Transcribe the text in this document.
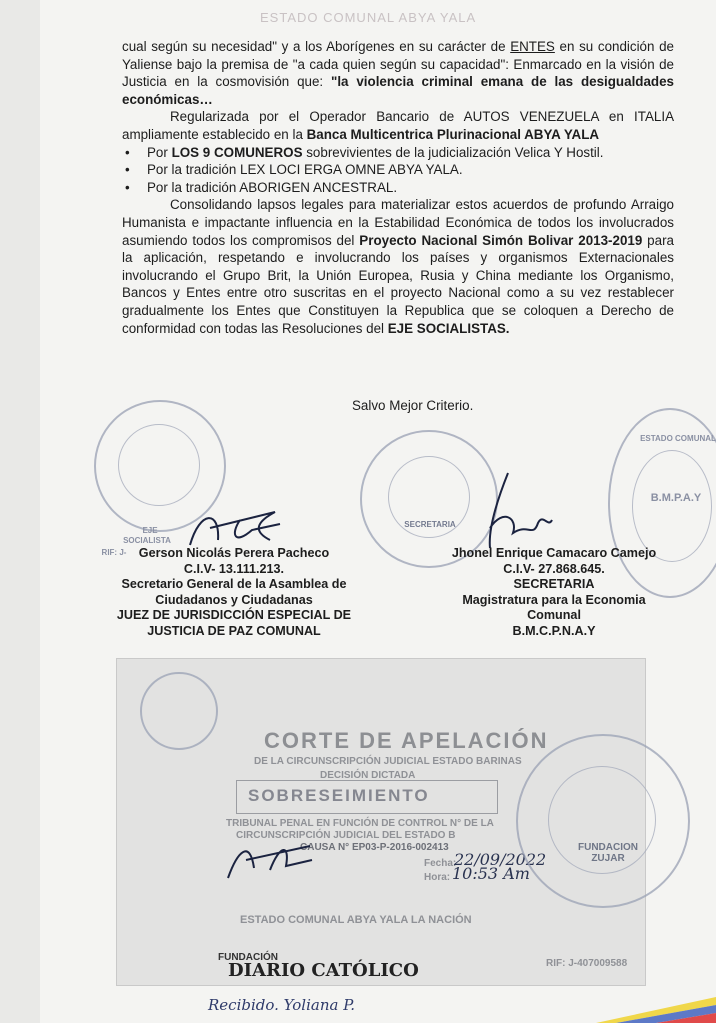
ESTADO COMUNAL ABYA YALA

cual según su necesidad" y a los Aborígenes en su carácter de ENTES en su condición de Yaliense bajo la premisa de "a cada quien según su capacidad": Enmarcado en la visión de Justicia en la cosmovisión que: "la violencia criminal emana de las desigualdades económicas…

Regularizada por el Operador Bancario de AUTOS VENEZUELA en ITALIA ampliamente establecido en la Banca Multicentrica Plurinacional ABYA YALA

• Por LOS 9 COMUNEROS sobrevivientes de la judicialización Velica Y Hostil.
• Por la tradición LEX LOCI ERGA OMNE ABYA YALA.
• Por la tradición ABORIGEN ANCESTRAL.

Consolidando lapsos legales para materializar estos acuerdos de profundo Arraigo Humanista e impactante influencia en la Estabilidad Económica de todos los involucrados asumiendo todos los compromisos del Proyecto Nacional Simón Bolivar 2013-2019 para la aplicación, respetando e involucrando los países y organismos Externacionales involucrando el Grupo Brit, la Unión Europea, Rusia y China mediante los Organismo, Bancos y Entes entre otro suscritas en el proyecto Nacional como a su vez restablecer gradualmente los Entes que Constituyen la Republica que se coloquen a Derecho de conformidad con todas las Resoluciones del EJE SOCIALISTAS.

Salvo Mejor Criterio.
EJE
SOCIALISTA
RIF: J-
SECRETARIA
B.M.P.A.Y
ESTADO COMUNAL
Gerson Nicolás Perera Pacheco
C.I.V- 13.111.213.
Secretario General de la Asamblea de
Ciudadanos y Ciudadanas
JUEZ DE JURISDICCIÓN ESPECIAL DE
JUSTICIA DE PAZ COMUNAL
Jhonel Enrique Camacaro Camejo
C.I.V- 27.868.645.
SECRETARIA
Magistratura para la Economia
Comunal
B.M.C.P.N.A.Y
CORTE DE APELACIÓN
DE LA CIRCUNSCRIPCIÓN JUDICIAL ESTADO BARINAS
DECISIÓN DICTADA
SOBRESEIMIENTO
TRIBUNAL PENAL EN FUNCIÓN DE CONTROL N° DE LA
CIRCUNSCRIPCIÓN JUDICIAL DEL ESTADO B
CAUSA N° EP03-P-2016-002413
Fecha:
22/09/2022
Hora: 10:53 Am
ESTADO COMUNAL ABYA YALA LA NACIÓN
RIF: J-407009588
FUNDACION ZUJAR
FUNDACIÓN
DIARIO CATÓLICO
Recibido. Yoliana P.
